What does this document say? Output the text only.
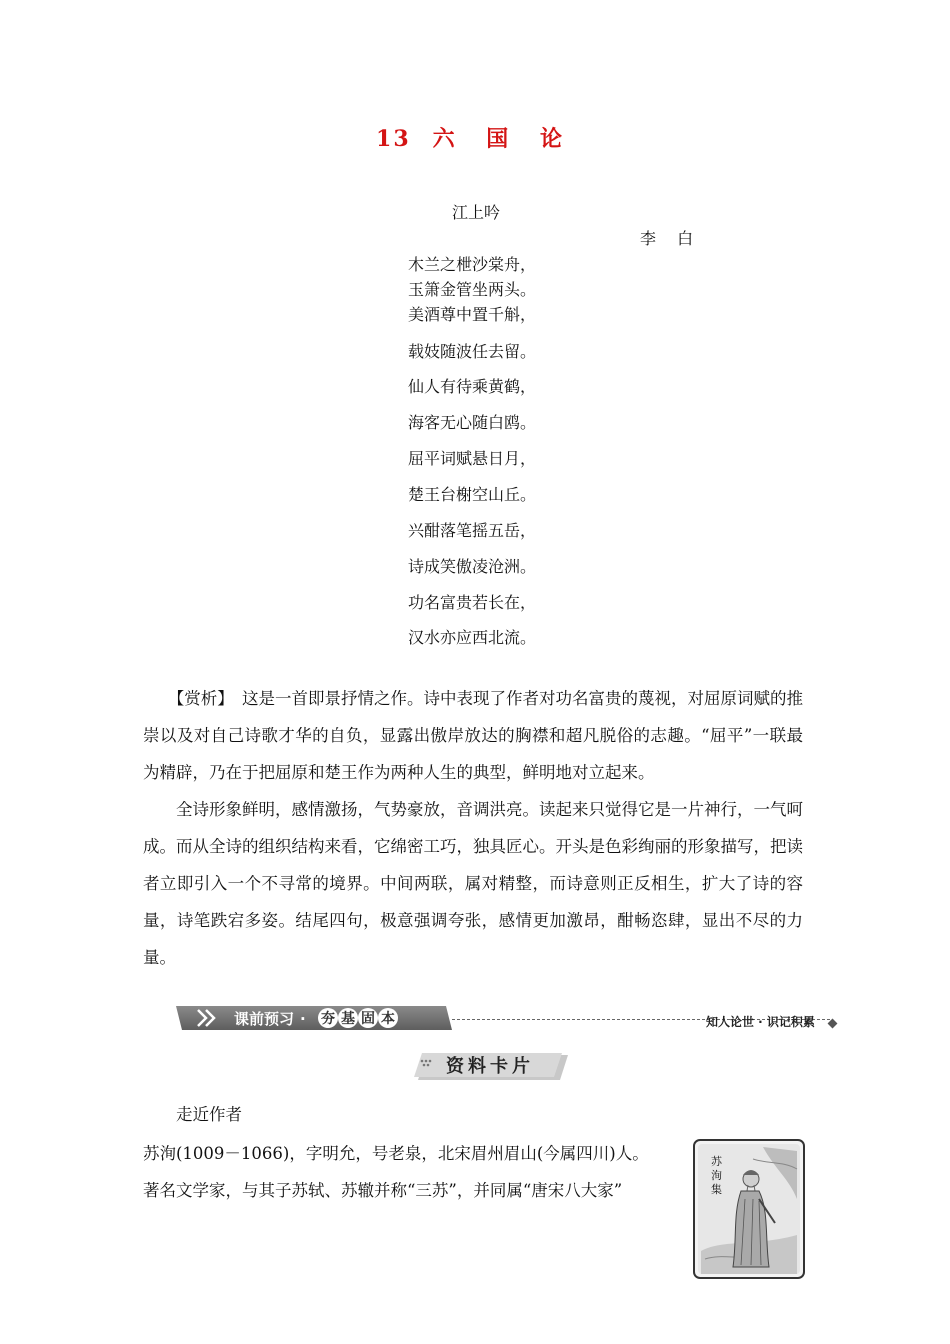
13 六 国 论
江上吟
李 白
木兰之枻沙棠舟，
玉箫金管坐两头。
美酒尊中置千斛，
载妓随波任去留。
仙人有待乘黄鹤，
海客无心随白鸥。
屈平词赋悬日月，
楚王台榭空山丘。
兴酣落笔摇五岳，
诗成笑傲凌沧洲。
功名富贵若长在，
汉水亦应西北流。

【赏析】　这是一首即景抒情之作。诗中表现了作者对功名富贵的蔑视，对屈原词赋的推崇以及对自己诗歌才华的自负，显露出傲岸放达的胸襟和超凡脱俗的志趣。“屈平”一联最为精辟，乃在于把屈原和楚王作为两种人生的典型，鲜明地对立起来。

全诗形象鲜明，感情激扬，气势豪放，音调洪亮。读起来只觉得它是一片神行，一气呵成。而从全诗的组织结构来看，它绵密工巧，独具匠心。开头是色彩绚丽的形象描写，把读者立即引入一个不寻常的境界。中间两联，属对精整，而诗意则正反相生，扩大了诗的容量，诗笔跌宕多姿。结尾四句，极意强调夸张，感情更加激昂，酣畅恣肆，显出不尽的力量。

课前预习 · 夯 基 固 本	知人论世 · 识记积累
资料卡片
走近作者

苏洵(1009－1066)，字明允，号老泉，北宋眉州眉山(今属四川)人。

著名文学家，与其子苏轼、苏辙并称“三苏”，并同属“唐宋八大家”

苏
洵
集
